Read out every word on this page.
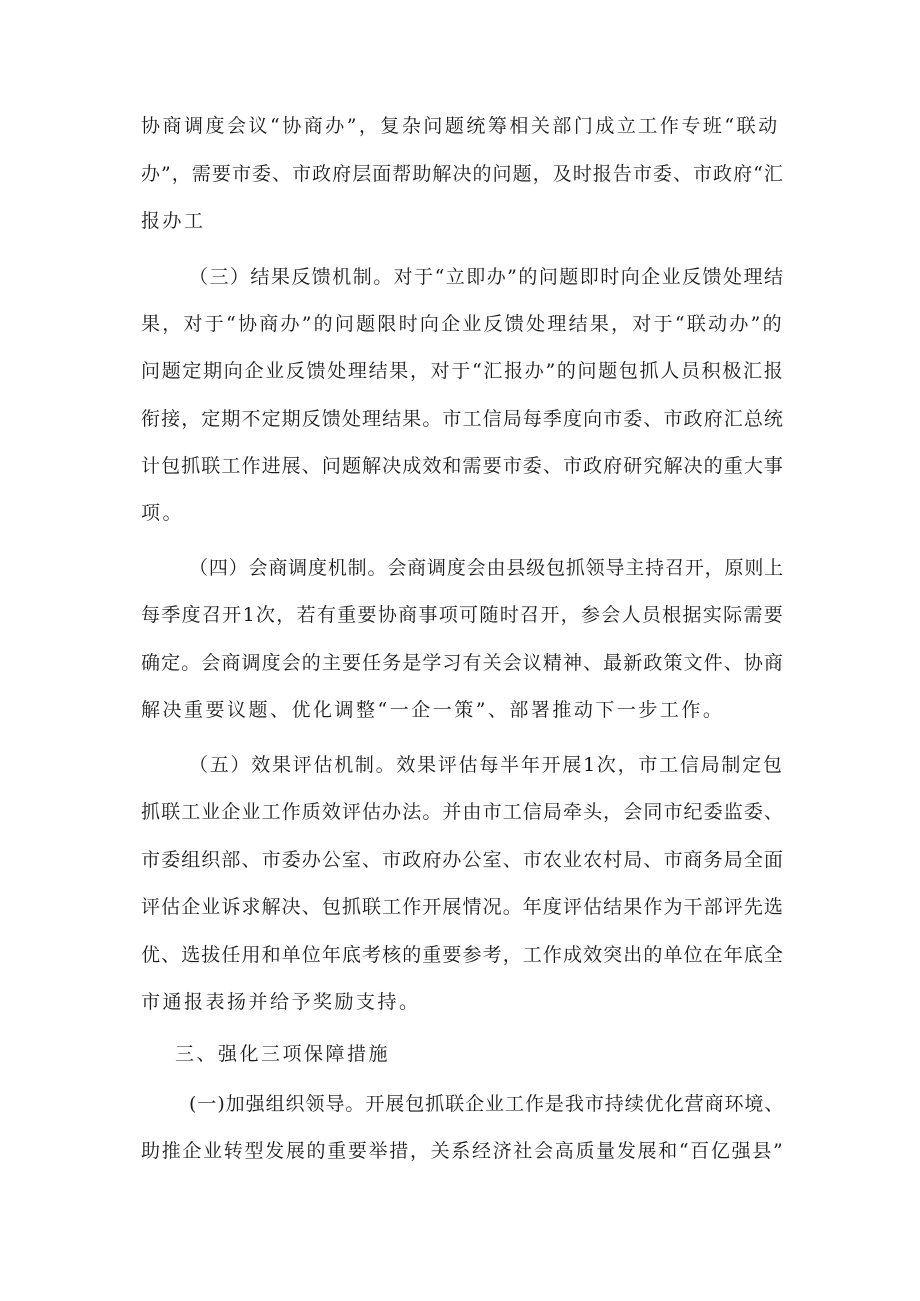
协商调度会议“协商办”，复杂问题统筹相关部门成立工作专班“联动
办”，需要市委、市政府层面帮助解决的问题，及时报告市委、市政府“汇
报办工
（三）结果反馈机制。对于“立即办”的问题即时向企业反馈处理结
果，对于“协商办”的问题限时向企业反馈处理结果，对于“联动办”的
问题定期向企业反馈处理结果，对于“汇报办”的问题包抓人员积极汇报
衔接，定期不定期反馈处理结果。市工信局每季度向市委、市政府汇总统
计包抓联工作进展、问题解决成效和需要市委、市政府研究解决的重大事
项。
（四）会商调度机制。会商调度会由县级包抓领导主持召开，原则上
每季度召开1次，若有重要协商事项可随时召开，参会人员根据实际需要
确定。会商调度会的主要任务是学习有关会议精神、最新政策文件、协商
解决重要议题、优化调整“一企一策”、部署推动下一步工作。
（五）效果评估机制。效果评估每半年开展1次，市工信局制定包
抓联工业企业工作质效评估办法。并由市工信局牵头，会同市纪委监委、
市委组织部、市委办公室、市政府办公室、市农业农村局、市商务局全面
评估企业诉求解决、包抓联工作开展情况。年度评估结果作为干部评先选
优、选拔任用和单位年底考核的重要参考，工作成效突出的单位在年底全
市通报表扬并给予奖励支持。
三、强化三项保障措施
(一)加强组织领导。开展包抓联企业工作是我市持续优化营商环境、
助推企业转型发展的重要举措，关系经济社会高质量发展和“百亿强县”
